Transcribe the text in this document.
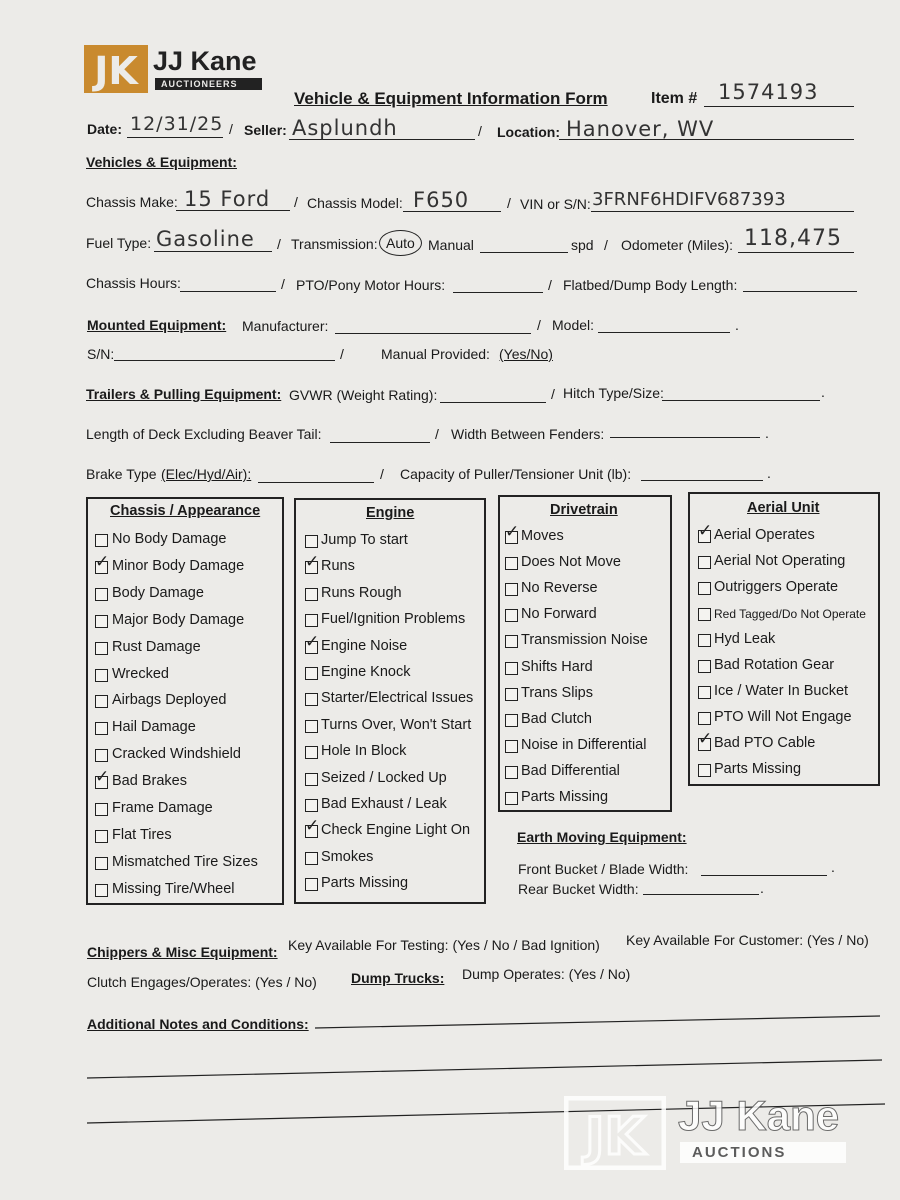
JK JJ Kane
AUCTIONEERS
Vehicle & Equipment Information Form	Item # 1574193
Date: 12/31/25 / Seller: Asplundh	/ Location: Hanover, WV
Vehicles & Equipment:
Chassis Make: 15 Ford / Chassis Model: F650	/ VIN or S/N: 3FRNF6HDIFV687393
Fuel Type: Gasoline / Transmission: Auto Manual	spd / Odometer (Miles): 118,475
Chassis Hours:	/ PTO/Pony Motor Hours:	/ Flatbed/Dump Body Length:
Mounted Equipment: Manufacturer:	/ Model:	.
S/N:	/	Manual Provided: (Yes/No)
Trailers & Pulling Equipment: GVWR (Weight Rating):	/ Hitch Type/Size:	.
Length of Deck Excluding Beaver Tail:	/ Width Between Fenders:	.
Brake Type (Elec/Hyd/Air):	/ Capacity of Puller/Tensioner Unit (lb):	.
Chassis / Appearance
No Body Damage
✓ Minor Body Damage
Body Damage
Major Body Damage
Rust Damage
Wrecked
Airbags Deployed
Hail Damage
Cracked Windshield
✓ Bad Brakes
Frame Damage
Flat Tires
Mismatched Tire Sizes
Missing Tire/Wheel
Engine
Jump To start
✓ Runs
Runs Rough
Fuel/Ignition Problems
✓ Engine Noise
Engine Knock
Starter/Electrical Issues
Turns Over, Won't Start
Hole In Block
Seized / Locked Up
Bad Exhaust / Leak
✓ Check Engine Light On
Smokes
Parts Missing
Drivetrain
✓ Moves
Does Not Move
No Reverse
No Forward
Transmission Noise
Shifts Hard
Trans Slips
Bad Clutch
Noise in Differential
Bad Differential
Parts Missing
Aerial Unit
✓ Aerial Operates
Aerial Not Operating
Outriggers Operate
Red Tagged/Do Not Operate
Hyd Leak
Bad Rotation Gear
Ice / Water In Bucket
PTO Will Not Engage
✓ Bad PTO Cable
Parts Missing
Earth Moving Equipment:
Front Bucket / Blade Width:	.
Rear Bucket Width:	.
Chippers & Misc Equipment: Key Available For Testing: (Yes / No / Bad Ignition) Key Available For Customer: (Yes / No)
Clutch Engages/Operates: (Yes / No) Dump Trucks: Dump Operates: (Yes / No)
Additional Notes and Conditions:
JK JJ Kane
AUCTIONS
